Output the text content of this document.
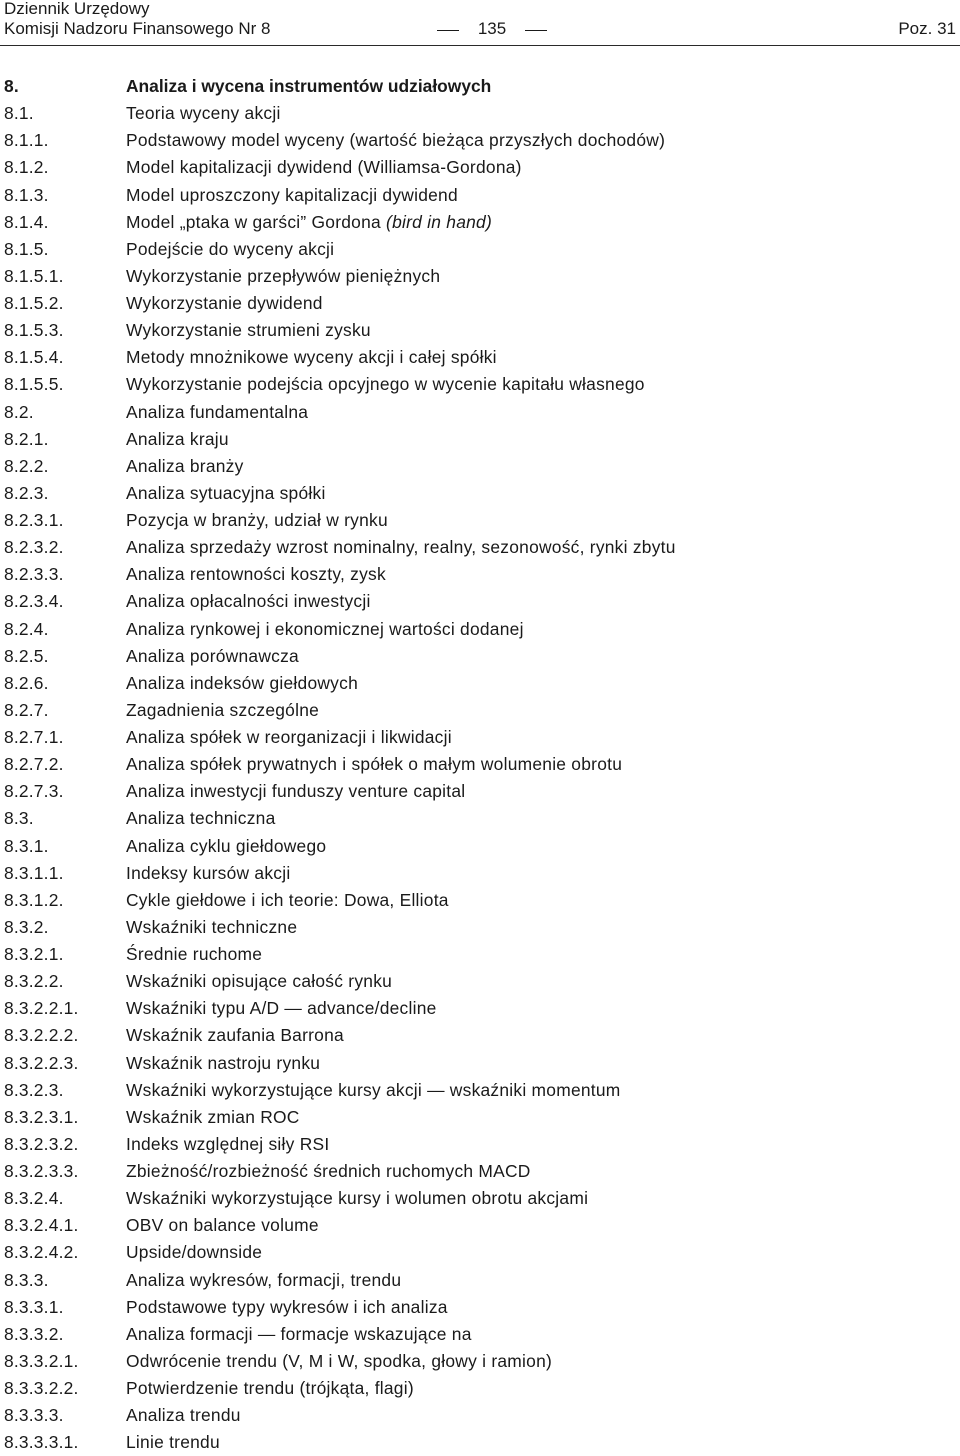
Dziennik Urzędowy
Komisji Nadzoru Finansowego Nr 8	135	Poz. 31
8.	Analiza i wycena instrumentów udziałowych
8.1.	Teoria wyceny akcji
8.1.1.	Podstawowy model wyceny (wartość bieżąca przyszłych dochodów)
8.1.2.	Model kapitalizacji dywidend (Williamsa-Gordona)
8.1.3.	Model uproszczony kapitalizacji dywidend
8.1.4.	Model „ptaka w garści” Gordona (bird in hand)
8.1.5.	Podejście do wyceny akcji
8.1.5.1.	Wykorzystanie przepływów pieniężnych
8.1.5.2.	Wykorzystanie dywidend
8.1.5.3.	Wykorzystanie strumieni zysku
8.1.5.4.	Metody mnożnikowe wyceny akcji i całej spółki
8.1.5.5.	Wykorzystanie podejścia opcyjnego w wycenie kapitału własnego
8.2.	Analiza fundamentalna
8.2.1.	Analiza kraju
8.2.2.	Analiza branży
8.2.3.	Analiza sytuacyjna spółki
8.2.3.1.	Pozycja w branży, udział w rynku
8.2.3.2.	Analiza sprzedaży wzrost nominalny, realny, sezonowość, rynki zbytu
8.2.3.3.	Analiza rentowności koszty, zysk
8.2.3.4.	Analiza opłacalności inwestycji
8.2.4.	Analiza rynkowej i ekonomicznej wartości dodanej
8.2.5.	Analiza porównawcza
8.2.6.	Analiza indeksów giełdowych
8.2.7.	Zagadnienia szczególne
8.2.7.1.	Analiza spółek w reorganizacji i likwidacji
8.2.7.2.	Analiza spółek prywatnych i spółek o małym wolumenie obrotu
8.2.7.3.	Analiza inwestycji funduszy venture capital
8.3.	Analiza techniczna
8.3.1.	Analiza cyklu giełdowego
8.3.1.1.	Indeksy kursów akcji
8.3.1.2.	Cykle giełdowe i ich teorie: Dowa, Elliota
8.3.2.	Wskaźniki techniczne
8.3.2.1.	Średnie ruchome
8.3.2.2.	Wskaźniki opisujące całość rynku
8.3.2.2.1.	Wskaźniki typu A/D — advance/decline
8.3.2.2.2.	Wskaźnik zaufania Barrona
8.3.2.2.3.	Wskaźnik nastroju rynku
8.3.2.3.	Wskaźniki wykorzystujące kursy akcji — wskaźniki momentum
8.3.2.3.1.	Wskaźnik zmian ROC
8.3.2.3.2.	Indeks względnej siły RSI
8.3.2.3.3.	Zbieżność/rozbieżność średnich ruchomych MACD
8.3.2.4.	Wskaźniki wykorzystujące kursy i wolumen obrotu akcjami
8.3.2.4.1.	OBV on balance volume
8.3.2.4.2.	Upside/downside
8.3.3.	Analiza wykresów, formacji, trendu
8.3.3.1.	Podstawowe typy wykresów i ich analiza
8.3.3.2.	Analiza formacji — formacje wskazujące na
8.3.3.2.1.	Odwrócenie trendu (V, M i W, spodka, głowy i ramion)
8.3.3.2.2.	Potwierdzenie trendu (trójkąta, flagi)
8.3.3.3.	Analiza trendu
8.3.3.3.1.	Linie trendu
